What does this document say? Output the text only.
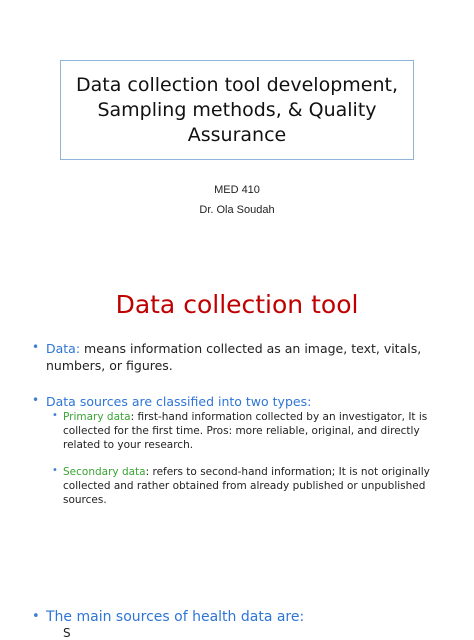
Data collection tool development,
Sampling methods, & Quality
Assurance
MED 410
Dr. Ola Soudah
Data collection tool
• Data: means information collected as an image, text, vitals, numbers, or figures.
• Data sources are classified into two types:
• Primary data: first-hand information collected by an investigator, It is collected for the first time. Pros: more reliable, original, and directly related to your research.
• Secondary data: refers to second-hand information; It is not originally collected and rather obtained from already published or unpublished sources.
• The main sources of health data are:
S
